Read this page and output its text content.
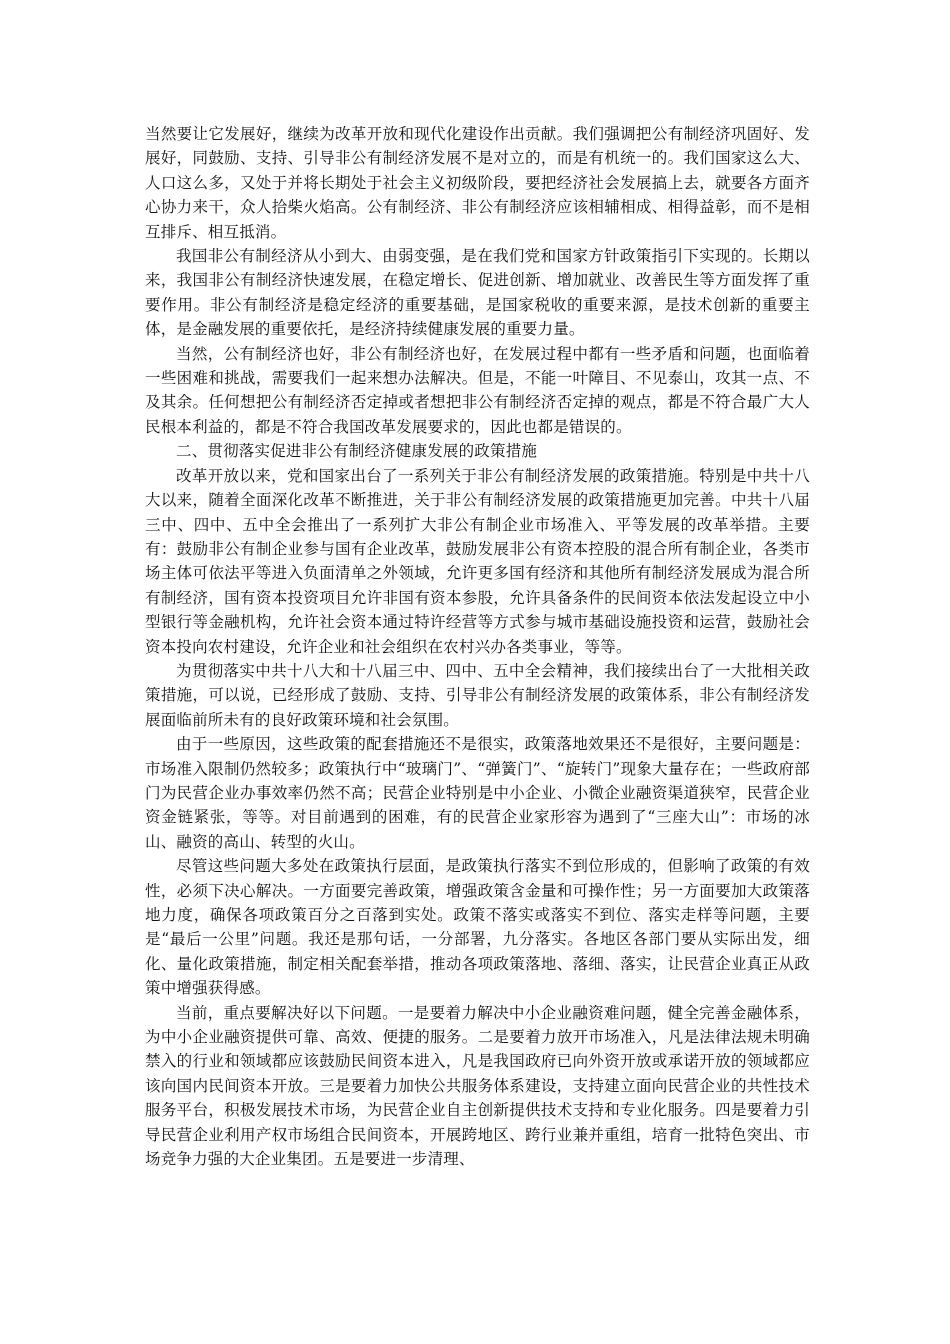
当然要让它发展好，继续为改革开放和现代化建设作出贡献。我们强调把公有制经济巩固好、发展好，同鼓励、支持、引导非公有制经济发展不是对立的，而是有机统一的。我们国家这么大、人口这么多，又处于并将长期处于社会主义初级阶段，要把经济社会发展搞上去，就要各方面齐心协力来干，众人拾柴火焰高。公有制经济、非公有制经济应该相辅相成、相得益彰，而不是相互排斥、相互抵消。

我国非公有制经济从小到大、由弱变强，是在我们党和国家方针政策指引下实现的。长期以来，我国非公有制经济快速发展，在稳定增长、促进创新、增加就业、改善民生等方面发挥了重要作用。非公有制经济是稳定经济的重要基础，是国家税收的重要来源，是技术创新的重要主体，是金融发展的重要依托，是经济持续健康发展的重要力量。

当然，公有制经济也好，非公有制经济也好，在发展过程中都有一些矛盾和问题，也面临着一些困难和挑战，需要我们一起来想办法解决。但是，不能一叶障目、不见泰山，攻其一点、不及其余。任何想把公有制经济否定掉或者想把非公有制经济否定掉的观点，都是不符合最广大人民根本利益的，都是不符合我国改革发展要求的，因此也都是错误的。

二、贯彻落实促进非公有制经济健康发展的政策措施

改革开放以来，党和国家出台了一系列关于非公有制经济发展的政策措施。特别是中共十八大以来，随着全面深化改革不断推进，关于非公有制经济发展的政策措施更加完善。中共十八届三中、四中、五中全会推出了一系列扩大非公有制企业市场准入、平等发展的改革举措。主要有：鼓励非公有制企业参与国有企业改革，鼓励发展非公有资本控股的混合所有制企业，各类市场主体可依法平等进入负面清单之外领域，允许更多国有经济和其他所有制经济发展成为混合所有制经济，国有资本投资项目允许非国有资本参股，允许具备条件的民间资本依法发起设立中小型银行等金融机构，允许社会资本通过特许经营等方式参与城市基础设施投资和运营，鼓励社会资本投向农村建设，允许企业和社会组织在农村兴办各类事业，等等。

为贯彻落实中共十八大和十八届三中、四中、五中全会精神，我们接续出台了一大批相关政策措施，可以说，已经形成了鼓励、支持、引导非公有制经济发展的政策体系，非公有制经济发展面临前所未有的良好政策环境和社会氛围。

由于一些原因，这些政策的配套措施还不是很实，政策落地效果还不是很好，主要问题是：市场准入限制仍然较多；政策执行中“玻璃门”、“弹簧门”、“旋转门”现象大量存在；一些政府部门为民营企业办事效率仍然不高；民营企业特别是中小企业、小微企业融资渠道狭窄，民营企业资金链紧张，等等。对目前遇到的困难，有的民营企业家形容为遇到了“三座大山”：市场的冰山、融资的高山、转型的火山。

尽管这些问题大多处在政策执行层面，是政策执行落实不到位形成的，但影响了政策的有效性，必须下决心解决。一方面要完善政策，增强政策含金量和可操作性；另一方面要加大政策落地力度，确保各项政策百分之百落到实处。政策不落实或落实不到位、落实走样等问题，主要是“最后一公里”问题。我还是那句话，一分部署，九分落实。各地区各部门要从实际出发，细化、量化政策措施，制定相关配套举措，推动各项政策落地、落细、落实，让民营企业真正从政策中增强获得感。

当前，重点要解决好以下问题。一是要着力解决中小企业融资难问题，健全完善金融体系，为中小企业融资提供可靠、高效、便捷的服务。二是要着力放开市场准入，凡是法律法规未明确禁入的行业和领域都应该鼓励民间资本进入，凡是我国政府已向外资开放或承诺开放的领域都应该向国内民间资本开放。三是要着力加快公共服务体系建设，支持建立面向民营企业的共性技术服务平台，积极发展技术市场，为民营企业自主创新提供技术支持和专业化服务。四是要着力引导民营企业利用产权市场组合民间资本，开展跨地区、跨行业兼并重组，培育一批特色突出、市场竞争力强的大企业集团。五是要进一步清理、
